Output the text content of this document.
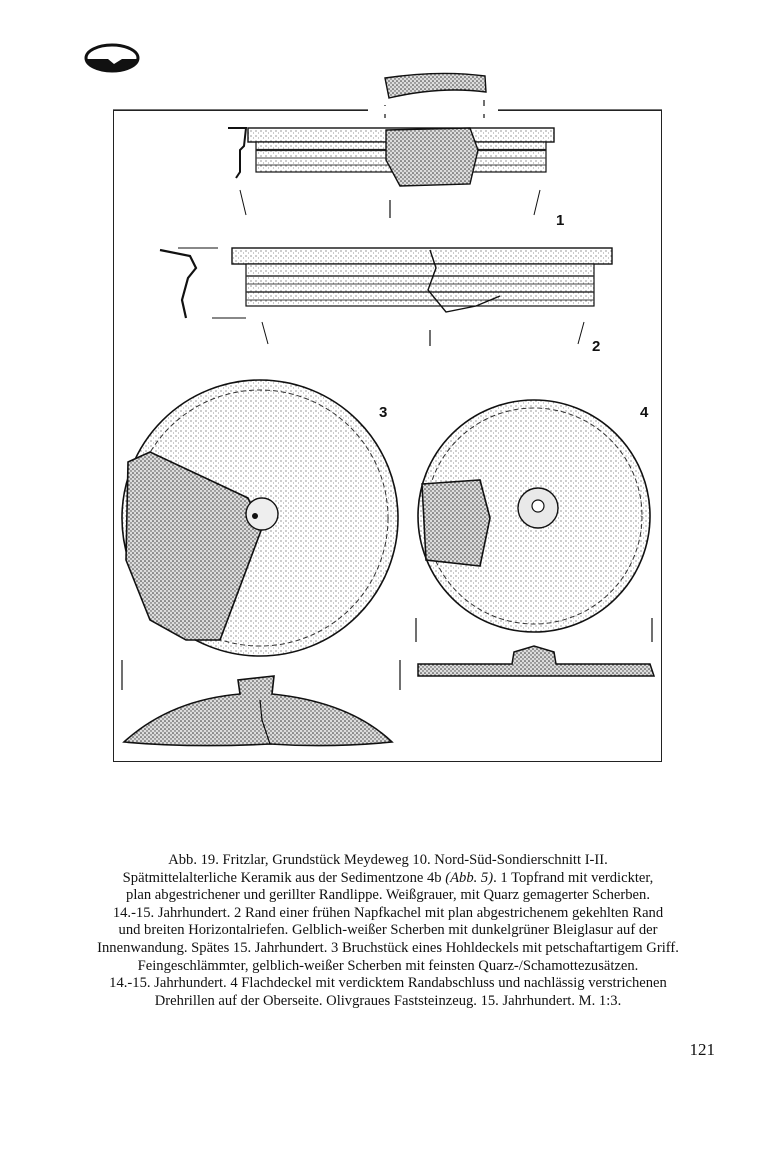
1
2
3	4
Abb. 19. Fritzlar, Grundstück Meydeweg 10. Nord-Süd-Sondierschnitt I-II.
Spätmittelalterliche Keramik aus der Sedimentzone 4b (Abb. 5). 1 Topfrand mit verdickter,
plan abgestrichener und gerillter Randlippe. Weißgrauer, mit Quarz gemagerter Scherben.
14.-15. Jahrhundert. 2 Rand einer frühen Napfkachel mit plan abgestrichenem gekehlten Rand
und breiten Horizontalriefen. Gelblich-weißer Scherben mit dunkelgrüner Bleiglasur auf der
Innenwandung. Spätes 15. Jahrhundert. 3 Bruchstück eines Hohldeckels mit petschaftartigem Griff.
Feingeschlämmter, gelblich-weißer Scherben mit feinsten Quarz-/Schamottezusätzen.
14.-15. Jahrhundert. 4 Flachdeckel mit verdicktem Randabschluss und nachlässig verstrichenen
Drehrillen auf der Oberseite. Olivgraues Faststeinzeug. 15. Jahrhundert. M. 1:3.
121
